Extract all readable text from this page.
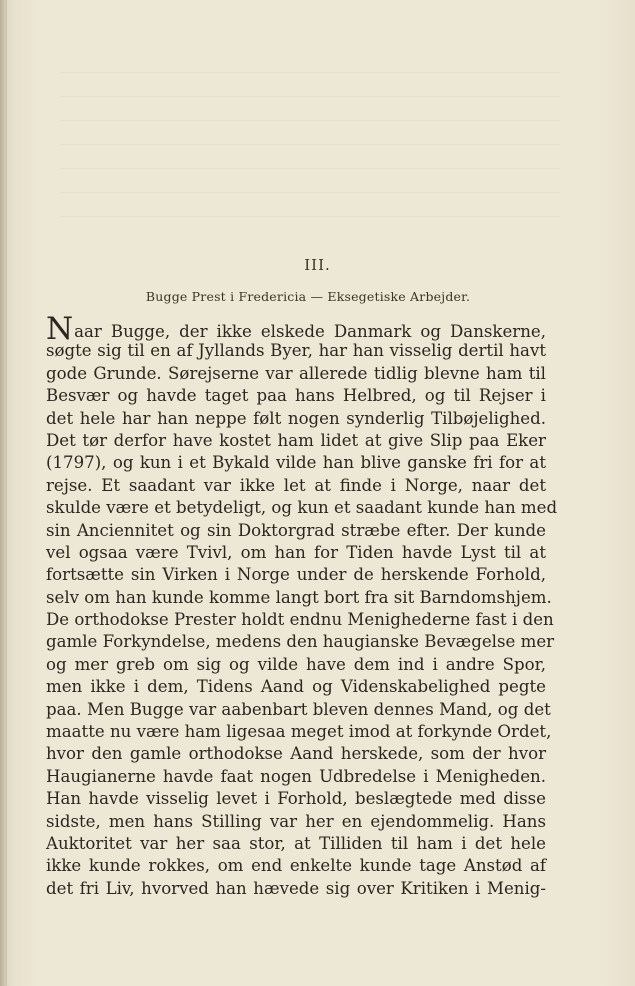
III.
Bugge Prest i Fredericia — Eksegetiske Arbejder.
Naar Bugge, der ikke elskede Danmark og Danskerne,
søgte sig til en af Jyllands Byer, har han visselig dertil havt
gode Grunde. Sørejserne var allerede tidlig blevne ham til
Besvær og havde taget paa hans Helbred, og til Rejser i
det hele har han neppe følt nogen synderlig Tilbøjelighed.
Det tør derfor have kostet ham lidet at give Slip paa Eker
(1797), og kun i et Bykald vilde han blive ganske fri for at
rejse. Et saadant var ikke let at finde i Norge, naar det
skulde være et betydeligt, og kun et saadant kunde han med
sin Anciennitet og sin Doktorgrad stræbe efter. Der kunde
vel ogsaa være Tvivl, om han for Tiden havde Lyst til at
fortsætte sin Virken i Norge under de herskende Forhold,
selv om han kunde komme langt bort fra sit Barndomshjem.
De orthodokse Prester holdt endnu Menighederne fast i den
gamle Forkyndelse, medens den haugianske Bevægelse mer
og mer greb om sig og vilde have dem ind i andre Spor,
men ikke i dem, Tidens Aand og Videnskabelighed pegte
paa. Men Bugge var aabenbart bleven dennes Mand, og det
maatte nu være ham ligesaa meget imod at forkynde Ordet,
hvor den gamle orthodokse Aand herskede, som der hvor
Haugianerne havde faat nogen Udbredelse i Menigheden.
Han havde visselig levet i Forhold, beslægtede med disse
sidste, men hans Stilling var her en ejendommelig. Hans
Auktoritet var her saa stor, at Tilliden til ham i det hele
ikke kunde rokkes, om end enkelte kunde tage Anstød af
det fri Liv, hvorved han hævede sig over Kritiken i Menig-
